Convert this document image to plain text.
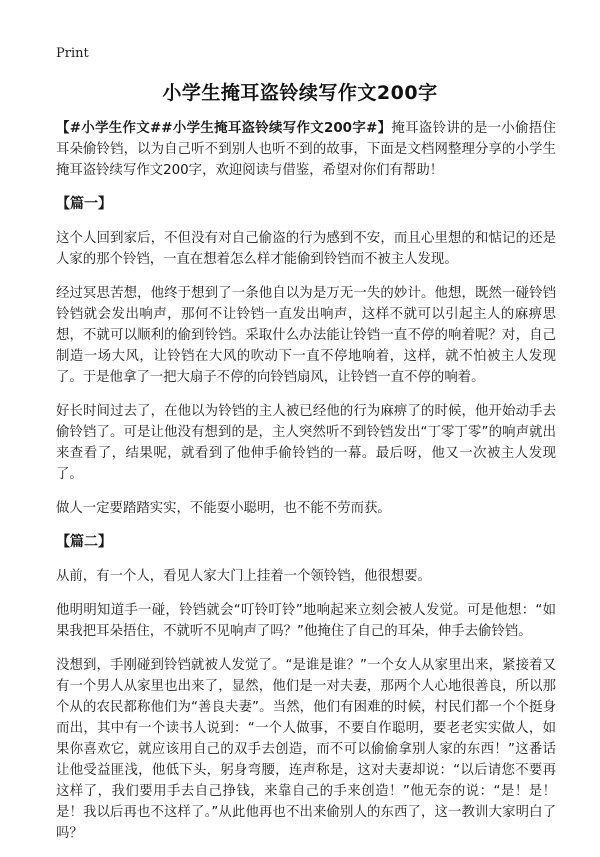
Print
小学生掩耳盗铃续写作文200字

【#小学生作文##小学生掩耳盗铃续写作文200字#】掩耳盗铃讲的是一小偷捂住耳朵偷铃铛，以为自己听不到别人也听不到的故事，下面是文档网整理分享的小学生掩耳盗铃续写作文200字，欢迎阅读与借鉴，希望对你们有帮助！

【篇一】

这个人回到家后，不但没有对自己偷盗的行为感到不安，而且心里想的和惦记的还是人家的那个铃铛，一直在想着怎么样才能偷到铃铛而不被主人发现。

经过冥思苦想，他终于想到了一条他自以为是万无一失的妙计。他想，既然一碰铃铛铃铛就会发出响声，那何不让铃铛一直发出响声，这样不就可以引起主人的麻痹思想，不就可以顺利的偷到铃铛。采取什么办法能让铃铛一直不停的响着呢？对，自己制造一场大风，让铃铛在大风的吹动下一直不停地响着，这样，就不怕被主人发现了。于是他拿了一把大扇子不停的向铃铛扇风，让铃铛一直不停的响着。

好长时间过去了，在他以为铃铛的主人被已经他的行为麻痹了的时候，他开始动手去偷铃铛了。可是让他没有想到的是，主人突然听不到铃铛发出“丁零丁零”的响声就出来查看了，结果呢，就看到了他伸手偷铃铛的一幕。最后呀，他又一次被主人发现了。

做人一定要踏踏实实，不能耍小聪明，也不能不劳而获。

【篇二】

从前，有一个人，看见人家大门上挂着一个领铃铛，他很想要。

他明明知道手一碰，铃铛就会“叮铃叮铃”地响起来立刻会被人发觉。可是他想：“如果我把耳朵捂住，不就听不见响声了吗？”他掩住了自己的耳朵，伸手去偷铃铛。

没想到，手刚碰到铃铛就被人发觉了。“是谁是谁？”一个女人从家里出来，紧接着又有一个男人从家里也出来了，显然，他们是一对夫妻，那两个人心地很善良，所以那个从的农民都称他们为“善良夫妻”。当然，他们有困难的时候，村民们都一个个挺身而出，其中有一个读书人说到：“一个人做事，不要自作聪明，要老老实实做人，如果你喜欢它，就应该用自己的双手去创造，而不可以偷偷拿别人家的东西！”这番话让他受益匪浅，他低下头，躬身弯腰，连声称是，这对夫妻却说：“以后请您不要再这样了，我们要用手去自己挣钱，来靠自己的手来创造！”他无奈的说：“是！是！是！我以后再也不这样了。”从此他再也不出来偷别人的东西了，这一教训大家明白了吗？
